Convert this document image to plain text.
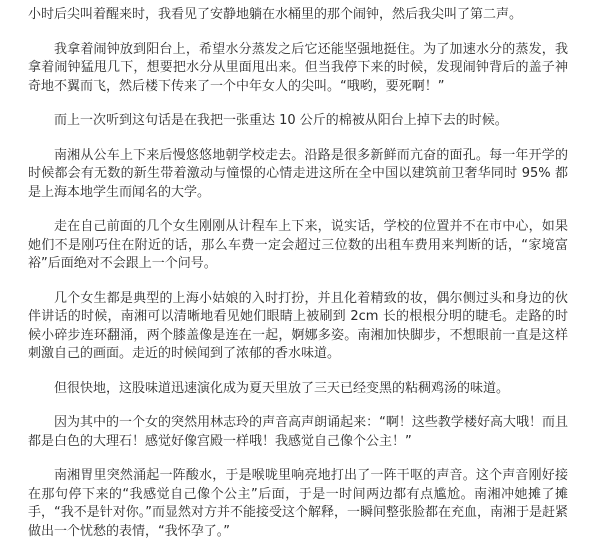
小时后尖叫着醒来时，我看见了安静地躺在水桶里的那个闹钟，然后我尖叫了第二声。

我拿着闹钟放到阳台上，希望水分蒸发之后它还能坚强地挺住。为了加速水分的蒸发，我拿着闹钟猛甩几下，想要把水分从里面甩出来。但当我停下来的时候，发现闹钟背后的盖子神奇地不翼而飞，然后楼下传来了一个中年女人的尖叫。“哦哟，要死啊！”

而上一次听到这句话是在我把一张重达 10 公斤的棉被从阳台上掉下去的时候。

南湘从公车上下来后慢悠悠地朝学校走去。沿路是很多新鲜而亢奋的面孔。每一年开学的时候都会有无数的新生带着激动与憧憬的心情走进这所在全中国以建筑前卫奢华同时 95% 都是上海本地学生而闻名的大学。

走在自己前面的几个女生刚刚从计程车上下来，说实话，学校的位置并不在市中心，如果她们不是刚巧住在附近的话，那么车费一定会超过三位数的出租车费用来判断的话，“家境富裕”后面绝对不会跟上一个问号。

几个女生都是典型的上海小姑娘的入时打扮，并且化着精致的妆，偶尔侧过头和身边的伙伴讲话的时候，南湘可以清晰地看见她们眼睛上被刷到 2cm 长的根根分明的睫毛。走路的时候小碎步连环翻涌，两个膝盖像是连在一起，婀娜多姿。南湘加快脚步，不想眼前一直是这样刺激自己的画面。走近的时候闻到了浓郁的香水味道。

但很快地，这股味道迅速演化成为夏天里放了三天已经变黑的粘稠鸡汤的味道。

因为其中的一个女的突然用林志玲的声音高声朗诵起来：“啊！这些教学楼好高大哦！而且都是白色的大理石！感觉好像宫殿一样哦！我感觉自己像个公主！”

南湘胃里突然涌起一阵酸水，于是喉咙里响亮地打出了一阵干呕的声音。这个声音刚好接在那句停下来的“我感觉自己像个公主”后面，于是一时间两边都有点尴尬。南湘冲她摊了摊手，“我不是针对你。”而显然对方并不能接受这个解释，一瞬间整张脸都在充血，南湘于是赶紧做出一个忧愁的表情，“我怀孕了。”
